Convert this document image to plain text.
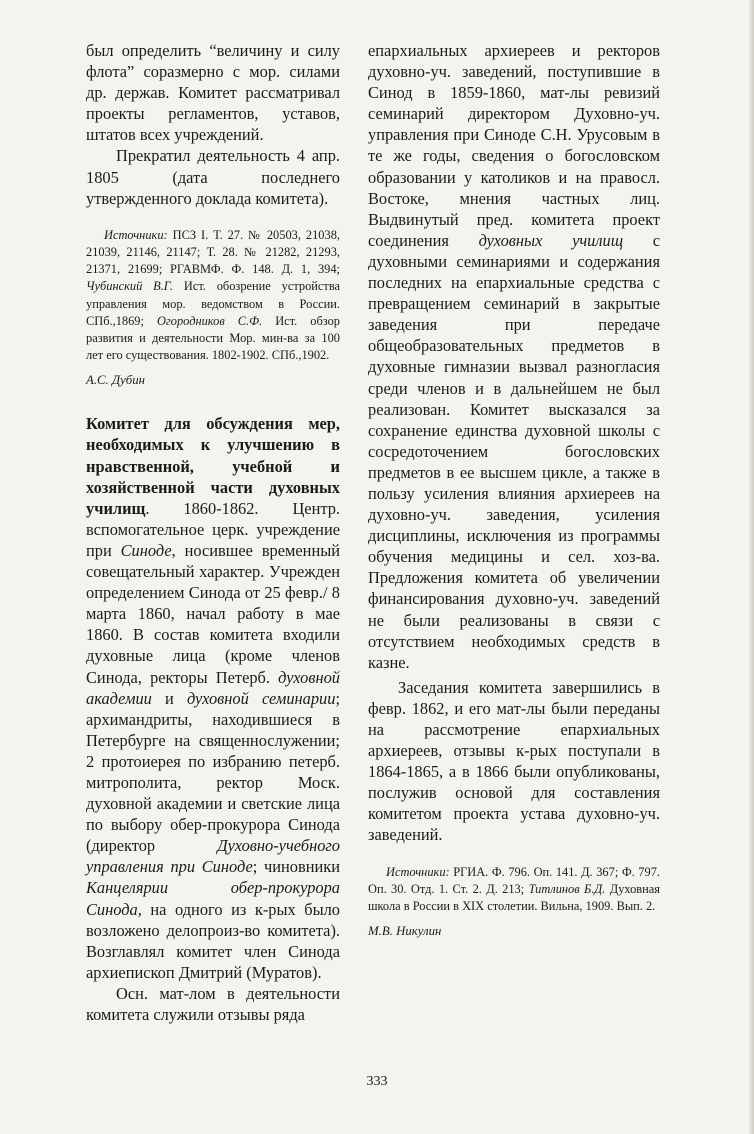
был определить “величину и силу флота” соразмерно с мор. силами др. держав. Комитет рассматривал проекты регламентов, уставов, штатов всех учреждений.

Прекратил деятельность 4 апр. 1805 (дата последнего утвержденного доклада комитета).

Источники: ПСЗ I. Т. 27. № 20503, 21038, 21039, 21146, 21147; Т. 28. № 21282, 21293, 21371, 21699; РГАВМФ. Ф. 148. Д. 1, 394; Чубинский В.Г. Ист. обозрение устройства управления мор. ведомством в России. СПб.,1869; Огородников С.Ф. Ист. обзор развития и деятельности Мор. мин-ва за 100 лет его существования. 1802-1902. СПб.,1902.

А.С. Дубин

Комитет для обсуждения мер, необходимых к улучшению в нравственной, учебной и хозяйственной части духовных училищ. 1860-1862. Центр. вспомогательное церк. учреждение при Синоде, носившее временный совещательный характер. Учрежден определением Синода от 25 февр./ 8 марта 1860, начал работу в мае 1860. В состав комитета входили духовные лица (кроме членов Синода, ректоры Петерб. духовной академии и духовной семинарии; архимандриты, находившиеся в Петербурге на священнослужении; 2 протоиерея по избранию петерб. митрополита, ректор Моск. духовной академии и светские лица по выбору обер-прокурора Синода (директор Духовно-учебного управления при Синоде; чиновники Канцелярии обер-прокурора Синода, на одного из к-рых было возложено делопроиз-во комитета). Возглавлял комитет член Синода архиепископ Дмитрий (Муратов).

Осн. мат-лом в деятельности комитета служили отзывы ряда

епархиальных архиереев и ректоров духовно-уч. заведений, поступившие в Синод в 1859-1860, мат-лы ревизий семинарий директором Духовно-уч. управления при Синоде С.Н. Урусовым в те же годы, сведения о богословском образовании у католиков и на правосл. Востоке, мнения частных лиц. Выдвинутый пред. комитета проект соединения духовных училищ с духовными семинариями и содержания последних на епархиальные средства с превращением семинарий в закрытые заведения при передаче общеобразовательных предметов в духовные гимназии вызвал разногласия среди членов и в дальнейшем не был реализован. Комитет высказался за сохранение единства духовной школы с сосредоточением богословских предметов в ее высшем цикле, а также в пользу усиления влияния архиереев на духовно-уч. заведения, усиления дисциплины, исключения из программы обучения медицины и сел. хоз-ва. Предложения комитета об увеличении финансирования духовно-уч. заведений не были реализованы в связи с отсутствием необходимых средств в казне.

Заседания комитета завершились в февр. 1862, и его мат-лы были переданы на рассмотрение епархиальных архиереев, отзывы к-рых поступали в 1864-1865, а в 1866 были опубликованы, послужив основой для составления комитетом проекта устава духовно-уч. заведений.

Источники: РГИА. Ф. 796. Оп. 141. Д. 367; Ф. 797. Оп. 30. Отд. 1. Ст. 2. Д. 213; Титлинов Б.Д. Духовная школа в России в XIX столетии. Вильна, 1909. Вып. 2.

М.В. Никулин

333
